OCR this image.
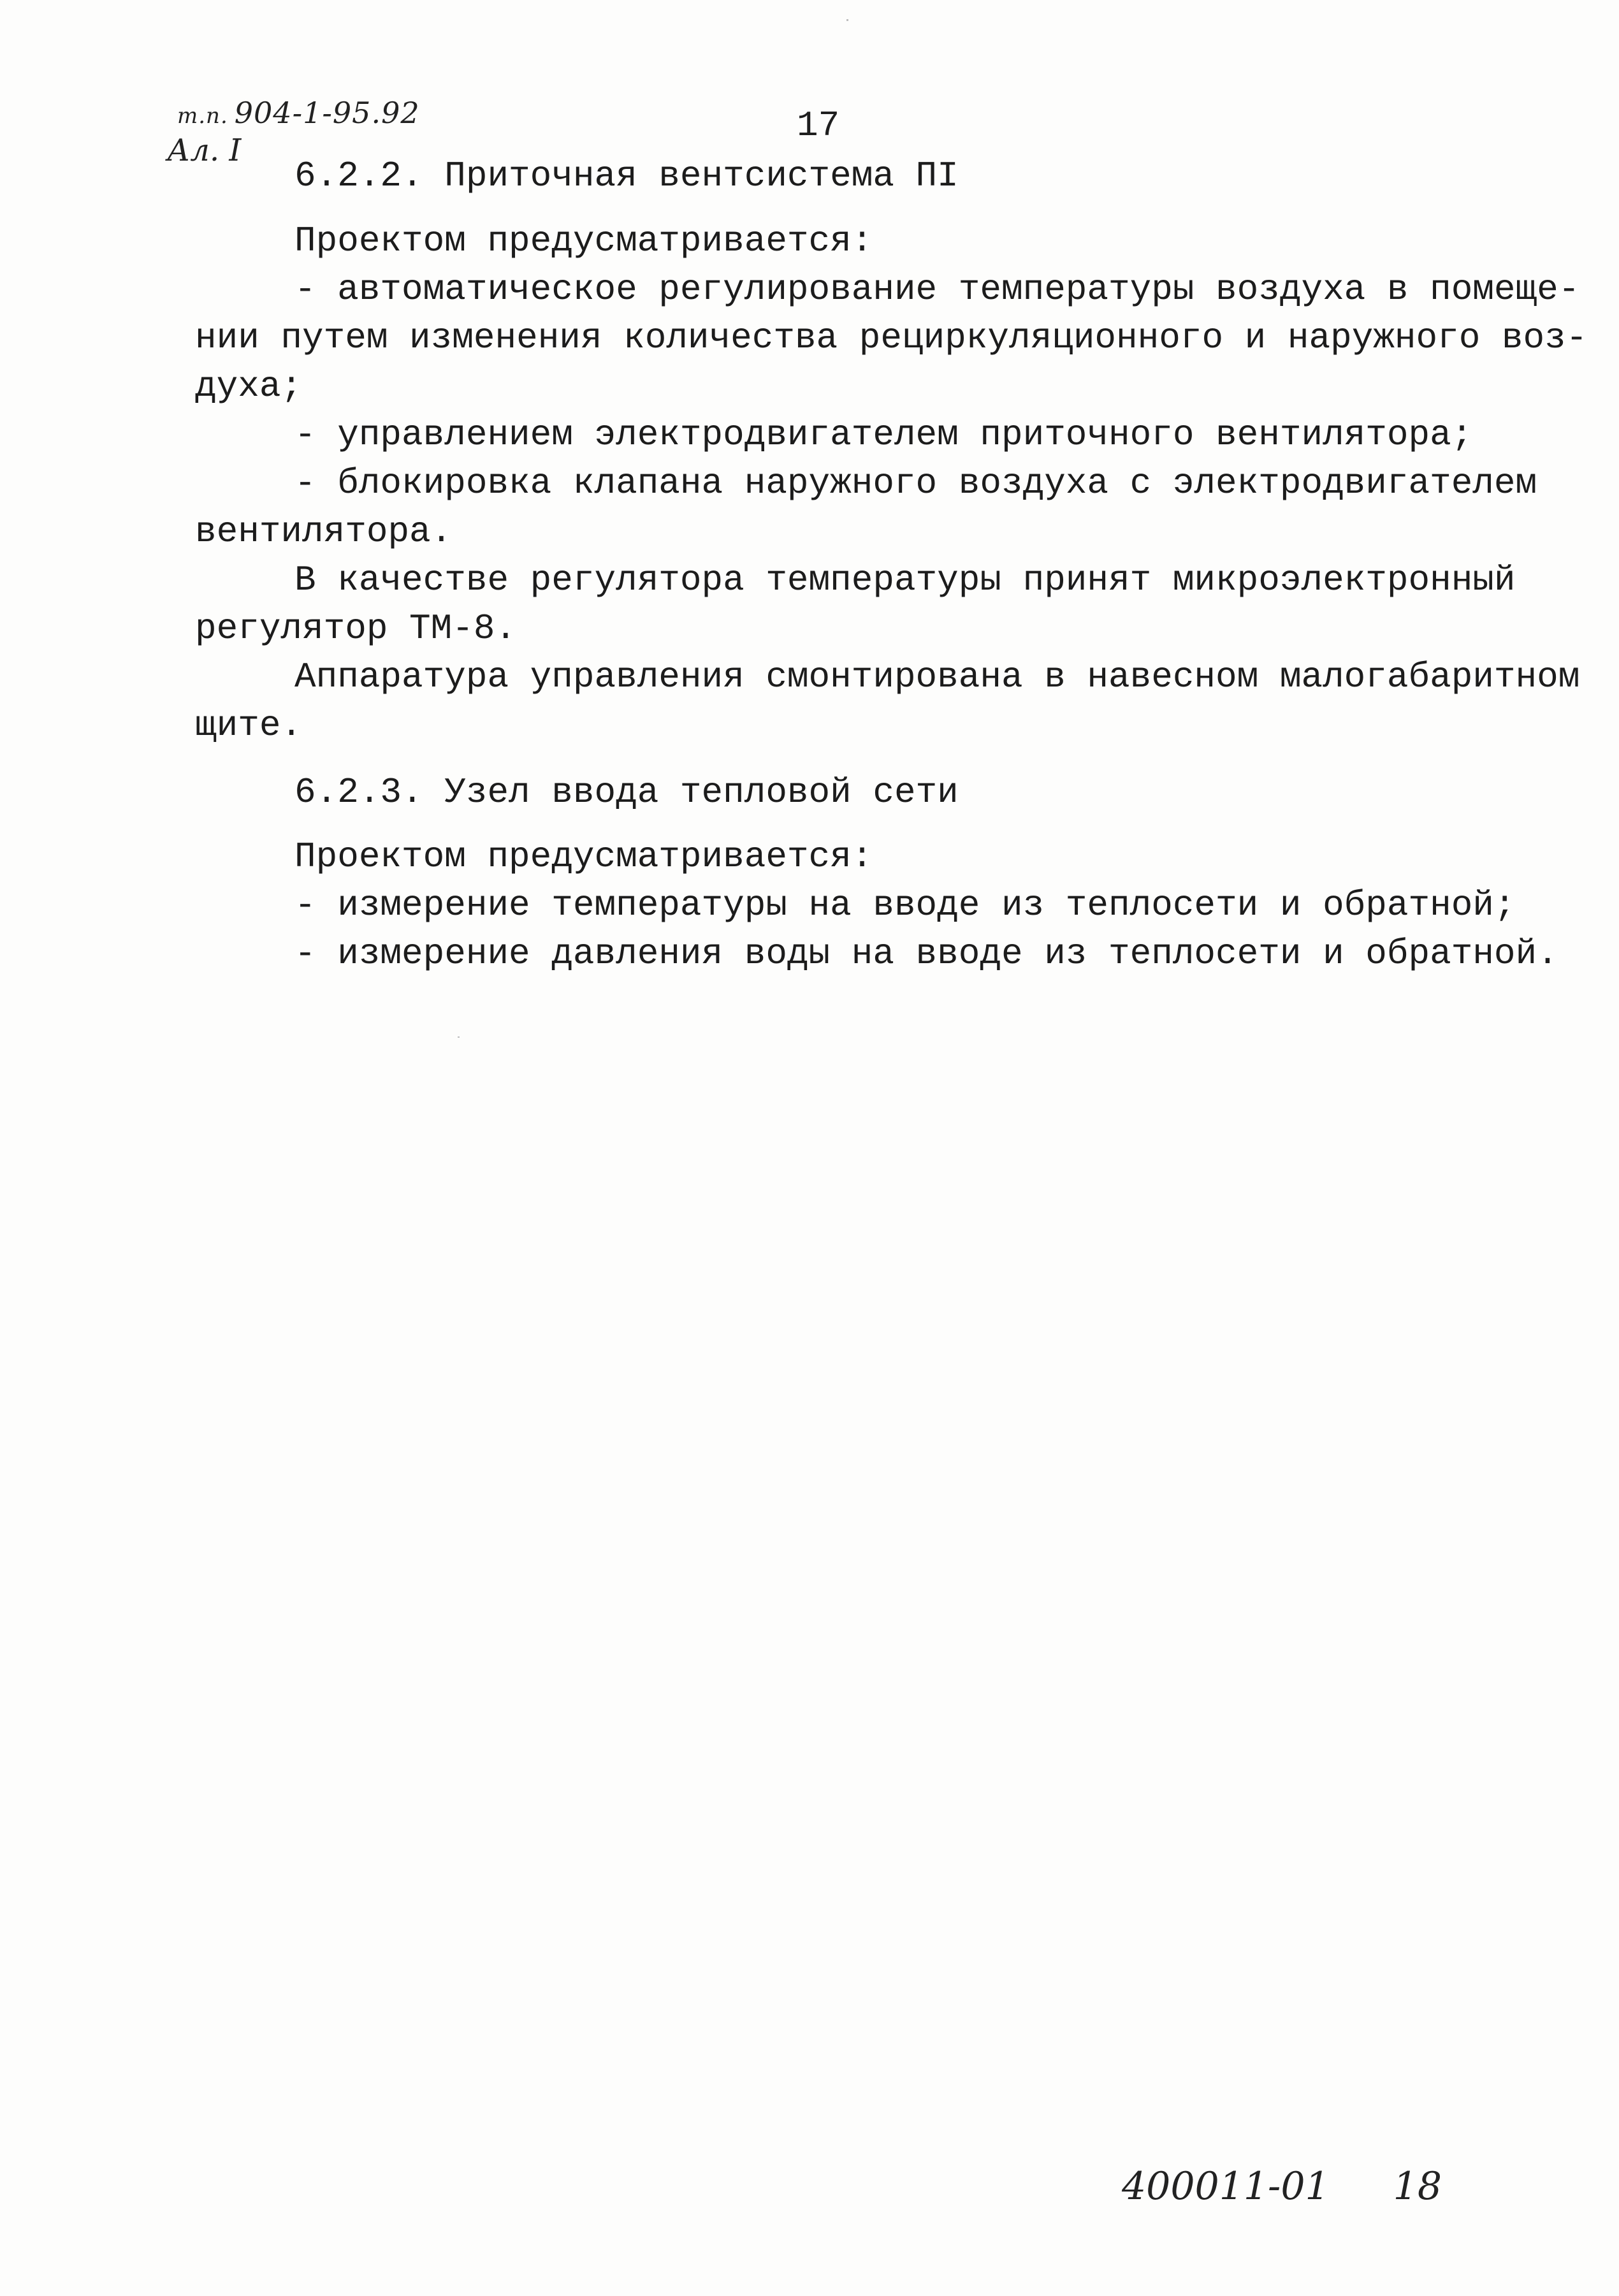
т.п. 904-1-95.92
Ал. I
17
6.2.2. Приточная вентсистема ПI
Проектом предусматривается:
- автоматическое регулирование температуры воздуха в помеще-
нии путем изменения количества рециркуляционного и наружного воз-
духа;
- управлением электродвигателем приточного вентилятора;
- блокировка клапана наружного воздуха с электродвигателем
вентилятора.
В качестве регулятора температуры принят микроэлектронный
регулятор ТМ-8.
Аппаратура управления смонтирована в навесном малогабаритном
щите.
6.2.3. Узел ввода тепловой сети
Проектом предусматривается:
- измерение температуры на вводе из теплосети и обратной;
- измерение давления воды на вводе из теплосети и обратной.
400011-01 18
